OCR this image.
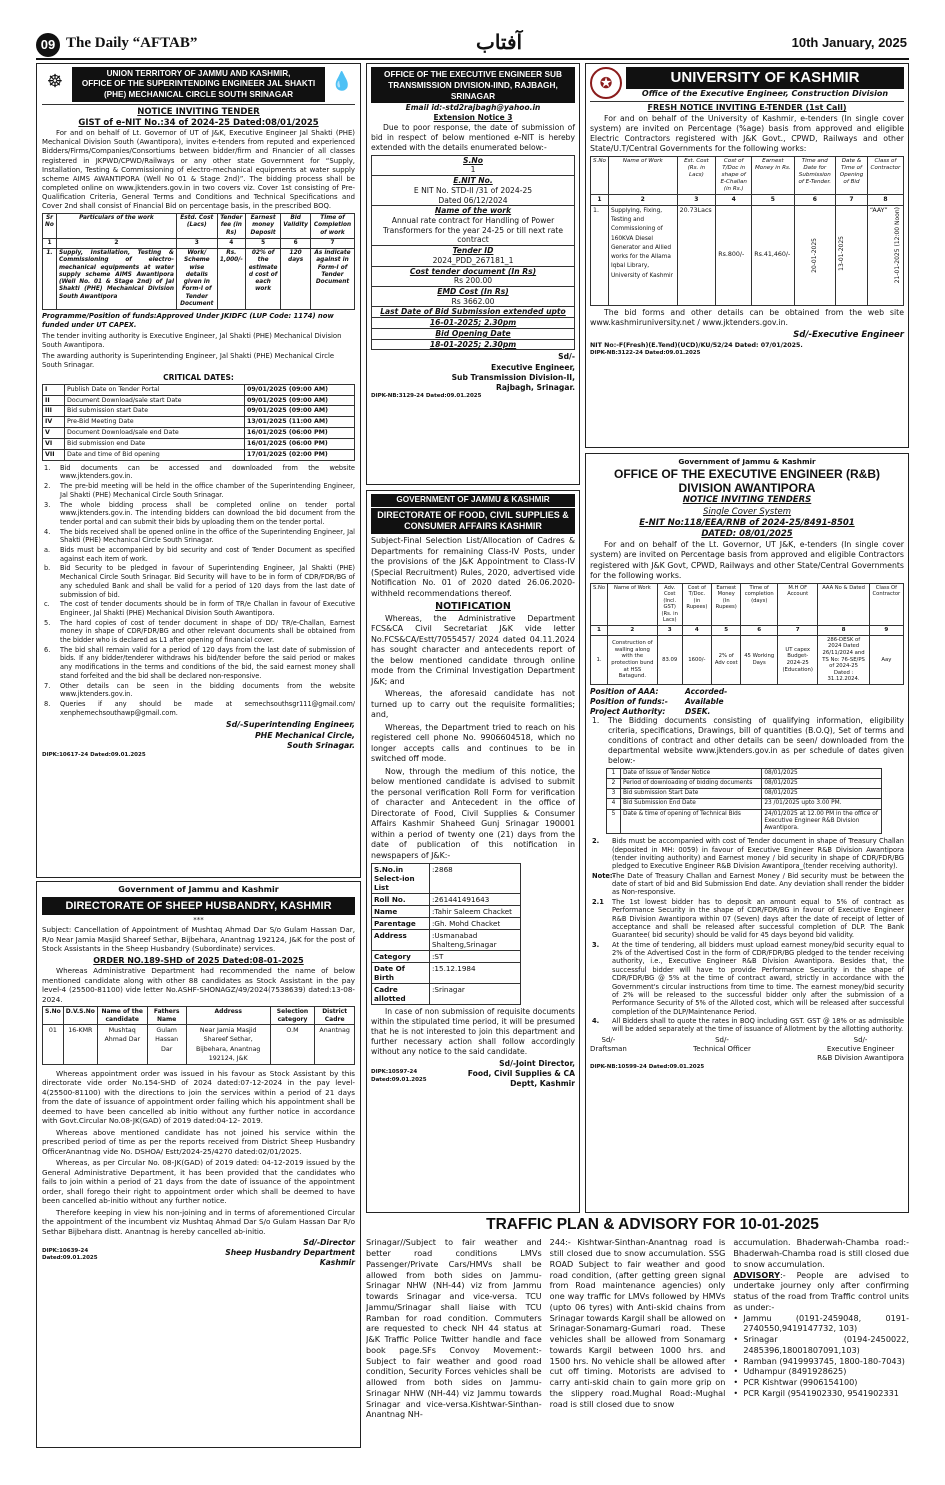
09 The Daily “AFTAB”	آفتاب	10th January, 2025
☸	UNION TERRITORY OF JAMMU AND KASHMIR,
OFFICE OF THE SUPERINTENDING ENGINEER JAL SHAKTI
(PHE) MECHANICAL CIRCLE SOUTH SRINAGAR
💧
NOTICE INVITING TENDER
GIST of e-NIT No.:34 of 2024-25 Dated:08/01/2025

For and on behalf of Lt. Governor of UT of J&K, Executive Engineer Jal Shakti (PHE) Mechanical Division South (Awantipora), invites e-tenders from reputed and experienced Bidders/Firms/Companies/Consortiums between bidder/firm and Financier of all classes registered in JKPWD/CPWD/Railways or any other state Government for “Supply, Installation, Testing & Commissioning of electro-mechanical equipments at water supply scheme AIMS AWANTIPORA (Well No 01 & Stage 2nd)”. The bidding process shall be completed online on www.jktenders.gov.in in two covers viz. Cover 1st consisting of Pre-Qualification Criteria, General Terms and Conditions and Technical Specifications and Cover 2nd shall consist of Financial Bid on percentage basis, in the prescribed BOQ.

Sr No	Particulars of the work	Estd. Cost (Lacs)	Tender fee (in Rs)	Earnest money Deposit	Bid Validity	Time of Completion of work
1	2	3	4	5	6	7
1.	Supply, Installation, Testing & Commissioning of electro-mechanical equipments at water supply scheme AIMS Awantipora (Well No. 01 & Stage 2nd) of Jal Shakti (PHE) Mechanical Division South Awantipora	Work/ Scheme wise details given in Form-I of Tender Document	Rs. 1,000/-	02% of the estimate d cost of each work	120 days	As indicate against in Form-I of Tender Document

Programme/Position of funds:Approved Under JKIDFC (LUP Code: 1174) now funded under UT CAPEX.

The tender inviting authority is Executive Engineer, Jal Shakti (PHE) Mechanical Division South Awantipora.

The awarding authority is Superintending Engineer, Jal Shakti (PHE) Mechanical Circle South Srinagar.

CRITICAL DATES:
I	Publish Date on Tender Portal	09/01/2025 (09:00 AM)
II	Document Download/sale start Date	09/01/2025 (09:00 AM)
III	Bid submission start Date	09/01/2025 (09:00 AM)
IV	Pre-Bid Meeting Date	13/01/2025 (11:00 AM)
V	Document Download/sale end Date	16/01/2025 (06:00 PM)
VI	Bid submission end Date	16/01/2025 (06:00 PM)
VII	Date and time of Bid opening	17/01/2025 (02:00 PM)
1. Bid documents can be accessed and downloaded from the website www.jktenders.gov.in.
2. The pre-bid meeting will be held in the office chamber of the Superintending Engineer, Jal Shakti (PHE) Mechanical Circle South Srinagar.
3. The whole bidding process shall be completed online on tender portal www.jktenders.gov.in. The intending bidders can download the bid document from the tender portal and can submit their bids by uploading them on the tender portal.
4. The bids received shall be opened online in the office of the Superintending Engineer, Jal Shakti (PHE) Mechanical Circle South Srinagar.
a. Bids must be accompanied by bid security and cost of Tender Document as specified against each item of work.
b. Bid Security to be pledged in favour of Superintending Engineer, Jal Shakti (PHE) Mechanical Circle South Srinagar. Bid Security will have to be in form of CDR/FDR/BG of any scheduled Bank and shall be valid for a period of 120 days from the last date of submission of bid.
c. The cost of tender documents should be in form of TR/e Challan in favour of Executive Engineer, Jal Shakti (PHE) Mechanical Division South Awantipora.
5. The hard copies of cost of tender document in shape of DD/ TR/e-Challan, Earnest money in shape of CDR/FDR/BG and other relevant documents shall be obtained from the bidder who is declared as L1 after opening of financial cover.
6. The bid shall remain valid for a period of 120 days from the last date of submission of bids. If any bidder/tenderer withdraws his bid/tender before the said period or makes any modifications in the terms and conditions of the bid, the said earnest money shall stand forfeited and the bid shall be declared non-responsive.
7. Other details can be seen in the bidding documents from the website www.jktenders.gov.in.
8. Queries if any should be made at semechsouthsgr111@gmail.com/ xenphemechsouthawp@gmail.com.
Sd/-Superintending Engineer,
PHE Mechanical Circle,
South Srinagar.
DIPK:10617-24 Dated:09.01.2025
Government of Jammu and Kashmir
DIRECTORATE OF SHEEP HUSBANDRY, KASHMIR
***

Subject: Cancellation of Appointment of Mushtaq Ahmad Dar S/o Gulam Hassan Dar, R/o Near Jamia Masjid Shareef Sethar, Bijbehara, Anantnag 192124, J&K for the post of Stock Assistants in the Sheep Husbandry (Subordinate) services.

ORDER NO.189-SHD of 2025 Dated:08-01-2025

Whereas Administrative Department had recommended the name of below mentioned candidate along with other 88 candidates as Stock Assistant in the pay level-4 (25500-81100) vide letter No.ASHF-SHONAGZ/49/2024(7538639) dated:13-08-2024.

S.No	D.V.S.No	Name of the candidate	Fathers Name	Address	Selection category	District Cadre
01	16-KMR	Mushtaq Ahmad Dar	Gulam Hassan Dar	Near Jamia Masjid Shareef Sethar, Bijbehara, Anantnag 192124, J&K	O.M	Anantnag

Whereas appointment order was issued in his favour as Stock Assistant by this directorate vide order No.154-SHD of 2024 dated:07-12-2024 in the pay level-4(25500-81100) with the directions to join the services within a period of 21 days from the date of issuance of appointment order failing which his appointment shall be deemed to have been cancelled ab initio without any further notice in accordance with Govt.Circular No.08-JK(GAD) of 2019 dated:04-12- 2019.

Whereas above mentioned candidate has not joined his service within the prescribed period of time as per the reports received from District Sheep Husbandry OfficerAnantnag vide No. DSHOA/ Estt/2024-25/4270 dated:02/01/2025.

Whereas, as per Circular No. 08-JK(GAD) of 2019 dated: 04-12-2019 issued by the General Administrative Department, it has been provided that the candidates who fails to join within a period of 21 days from the date of issuance of the appointment order, shall forego their right to appointment order which shall be deemed to have been cancelled ab-initio without any further notice.

Therefore keeping in view his non-joining and in terms of aforementioned Circular the appointment of the incumbent viz Mushtaq Ahmad Dar S/o Gulam Hassan Dar R/o Sethar Bijbehara distt. Anantnag is hereby cancelled ab-initio.

Sd/-Director
Sheep Husbandry Department
Kashmir
DIPK:10639-24
Dated:09.01.2025
OFFICE OF THE EXECUTIVE ENGINEER SUB TRANSMISSION DIVISION-IIND, RAJBAGH, SRINAGAR
Email id:-std2rajbagh@yahoo.in
Extension Notice 3

Due to poor response, the date of submission of bid in respect of below mentioned e-NIT is hereby extended with the details enumerated below:-

S.No
1
E.NIT No.
E NIT No. STD-II /31 of 2024-25
Dated 06/12/2024
Name of the work
Annual rate contract for Handling of Power Transformers for the year 24-25 or till next rate contract
Tender ID
2024_PDD_267181_1
Cost tender document (In Rs)
Rs 200.00
EMD Cost (In Rs)
Rs 3662.00
Last Date of Bid Submission extended upto
16-01-2025; 2.30pm
Bid Opening Date
18-01-2025; 2.30pm
Sd/-
Executive Engineer,
Sub Transmission Division-II,
Rajbagh, Srinagar.
DIPK-NB:3129-24 Dated:09.01.2025
GOVERNMENT OF JAMMU & KASHMIR
DIRECTORATE OF FOOD, CIVIL SUPPLIES & CONSUMER AFFAIRS KASHMIR

Subject-Final Selection List/Allocation of Cadres & Departments for remaining Class-IV Posts, under the provisions of the J&K Appointment to Class-IV (Special Recruitment) Rules, 2020, advertised vide Notification No. 01 of 2020 dated 26.06.2020-withheld recommendations thereof.

NOTIFICATION

Whereas, the Administrative Department FCS&CA Civil Secretariat J&K vide letter No.FCS&CA/Estt/7055457/ 2024 dated 04.11.2024 has sought character and antecedents report of the below mentioned candidate through online mode from the Criminal Investigation Department J&K; and

Whereas, the aforesaid candidate has not turned up to carry out the requisite formalities; and,

Whereas, the Department tried to reach on his registered cell phone No. 9906604518, which no longer accepts calls and continues to be in switched off mode.

Now, through the medium of this notice, the below mentioned candidate is advised to submit the personal verification Roll Form for verification of character and Antecedent in the office of Directorate of Food, Civil Supplies & Consumer Affairs Kashmir Shaheed Gunj Srinagar 190001 within a period of twenty one (21) days from the date of publication of this notification in newspapers of J&K:-

S.No.in Select-ion List	:2868
Roll No.	:261441491643
Name	:Tahir Saleem Chacket
Parentage	:Gh. Mohd Chacket
Address	:Usmanabad Shalteng,Srinagar
Category	:ST
Date Of Birth	:15.12.1984
Cadre allotted	:Srinagar

In case of non submission of requisite documents within the stipulated time period, it will be presumed that he is not interested to join this department and further necessary action shall follow accordingly without any notice to the said candidate.

Sd/-Joint Director,
Food, Civil Supplies & CA
Deptt, Kashmir
DIPK:10597-24
Dated:09.01.2025
✪	UNIVERSITY OF KASHMIR
Office of the Executive Engineer, Construction Division
FRESH NOTICE INVITING E-TENDER (1st Call)

For and on behalf of the University of Kashmir, e-tenders (In single cover system) are invited on Percentage (%age) basis from approved and eligible Electric Contractors registered with J&K Govt., CPWD, Railways and other State/U.T/Central Governments for the following works:

S.No	Name of Work	Est. Cost (Rs. in Lacs)	Cost of T/Doc in shape of E-Challan (in Rs.)	Earnest Money in Rs.	Time and Date for Submission of E-Tender.	Date & Time of Opening of Bid	Class of Contractor
1	2	3	4	5	6	7	8
1.	Supplying, Fixing, Testing and Commissioning of 160KVA Diesel Generator and Allied works for the Allama Iqbal Library, University of Kashmir	20.73Lacs	Rs.800/-	Rs.41,460/-	20-01-2025	13-01-2025	“AAY” 21-01-2025 (12:00 Noon)

The bid forms and other details can be obtained from the web site www.kashmiruniversity.net / www.jktenders.gov.in.

Sd/-Executive Engineer
NIT No:-F(Fresh)(E.Tend)(UCD)/KU/52/24 Dated: 07/01/2025.
DIPK-NB:3122-24 Dated:09.01.2025
Government of Jammu & Kashmir
OFFICE OF THE EXECUTIVE ENGINEER (R&B) DIVISION AWANTIPORA
NOTICE INVITING TENDERS
Single Cover System
E-NIT No:118/EEA/RNB of 2024-25/8491-8501
DATED: 08/01/2025

For and on behalf of the Lt. Governor, UT J&K, e-tenders (In single cover system) are invited on Percentage basis from approved and eligible Contractors registered with J&K Govt, CPWD, Railways and other State/Central Governments for the following works.

S.No	Name of Work	Adv. Cost (Incl. GST) (Rs. in Lacs)	Cost of T/Doc. (in Rupees)	Earnest Money (In Rupees)	Time of completion (days)	M.H OF Account	AAA No & Dated	Class Of Contractor
1	2	3	4	5	6	7	8	9
1.	Construction of walling along with the protection bund at HSS Batagund.	83.09	1600/-	2% of Adv cost	45 Working Days	UT capex Budget-2024-25 (Education)	286-DESK of 2024 Dated 26/11/2024 and TS No: 76-SE/PS of 2024-25 Dated : 31.12.2024.	Aay
Position of AAA:	Accorded-
Position of funds:-	Available
Project Authority:	DSEK.
1. The Bidding documents consisting of qualifying information, eligibility criteria, specifications, Drawings, bill of quantities (B.O.Q), Set of terms and conditions of contract and other details can be seen/ downloaded from the departmental website www.jktenders.gov.in as per schedule of dates given below:-
1	Date of Issue of Tender Notice	08/01/2025
2	Period of downloading of bidding documents	08/01/2025
3	Bid submission Start Date	08/01/2025
4	Bid Submission End Date	23 /01/2025 upto 3.00 PM.
5	Date & time of opening of Technical Bids	24/01/2025 at 12.00 PM in the office of Executive Engineer R&B Division Awantipora.
2. Bids must be accompanied with cost of Tender document in shape of Treasury Challan (deposited in MH: 0059) in favour of Executive Engineer R&B Division Awantipora (tender inviting authority) and Earnest money / bid security in shape of CDR/FDR/BG pledged to Executive Engineer R&B Division Awantipora_(tender receiving authority).
Note:-
The Date of Treasury Challan and Earnest Money / Bid security must be between the date of start of bid and Bid Submission End date. Any deviation shall render the bidder as Non-responsive.
2.1 The 1st lowest bidder has to deposit an amount equal to 5% of contract as Performance Security in the shape of CDR/FDR/BG in favour of Executive Engineer R&B Division Awantipora within 07 (Seven) days after the date of receipt of letter of acceptance and shall be released after successful completion of DLP. The Bank Guarantee( bid security) should be valid for 45 days beyond bid validity.
3. At the time of tendering, all bidders must upload earnest money/bid security equal to 2% of the Advertised Cost in the form of CDR/FDR/BG pledged to the tender receiving authority, i.e., Executive Engineer R&B Division Awantipora. Besides that, the successful bidder will have to provide Performance Security in the shape of CDR/FDR/BG @ 5% at the time of contract award, strictly in accordance with the Government's circular instructions from time to time. The earnest money/bid security of 2% will be released to the successful bidder only after the submission of a Performance Security of 5% of the Alloted cost, which will be released after successful completion of the DLP/Maintenance Period.
4. All Bidders shall to quote the rates in BOQ including GST. GST @ 18% or as admissible will be added separately at the time of issuance of Allotment by the allotting authority.
Sd/-
Draftsman
Sd/-
Technical Officer
Sd/-
Executive Engineer
R&B Division Awantipora
DIPK-NB:10599-24 Dated:09.01.2025
TRAFFIC PLAN & ADVISORY FOR 10-01-2025
Srinagar//Subject to fair weather and better road conditions LMVs Passenger/Private Cars/HMVs shall be allowed from both sides on Jammu-Srinagar NHW (NH-44) viz from Jammu towards Srinagar and vice-versa. TCU Jammu/Srinagar shall liaise with TCU Ramban for road condition. Commuters are requested to check NH 44 status at J&K Traffic Police Twitter handle and face book page.SFs Convoy Movement:- Subject to fair weather and good road condition, Security Forces vehicles shall be allowed from both sides on Jammu-Srinagar NHW (NH-44) viz Jammu towards Srinagar and vice-versa.Kishtwar-Sinthan-Anantnag NH-
244:- Kishtwar-Sinthan-Anantnag road is still closed due to snow accumulation. SSG ROAD Subject to fair weather and good road condition, (after getting green signal from Road maintenance agencies) only one way traffic for LMVs followed by HMVs (upto 06 tyres) with Anti-skid chains from Srinagar towards Kargil shall be allowed on Srinagar-Sonamarg-Gumari road. These vehicles shall be allowed from Sonamarg towards Kargil between 1000 hrs. and 1500 hrs. No vehicle shall be allowed after cut off timing. Motorists are advised to carry anti-skid chain to gain more grip on the slippery road.Mughal Road:-Mughal road is still closed due to snow
accumulation. Bhaderwah-Chamba road:- Bhaderwah-Chamba road is still closed due to snow accumulation.
ADVISORY:- People are advised to undertake journey only after confirming status of the road from Traffic control units as under:-
• Jammu (0191-2459048, 0191-2740550,9419147732, 103)
• Srinagar (0194-2450022, 2485396,18001807091,103)
• Ramban (9419993745, 1800-180-7043)
• Udhampur (8491928625)
• PCR Kishtwar (9906154100)
• PCR Kargil (9541902330, 9541902331
